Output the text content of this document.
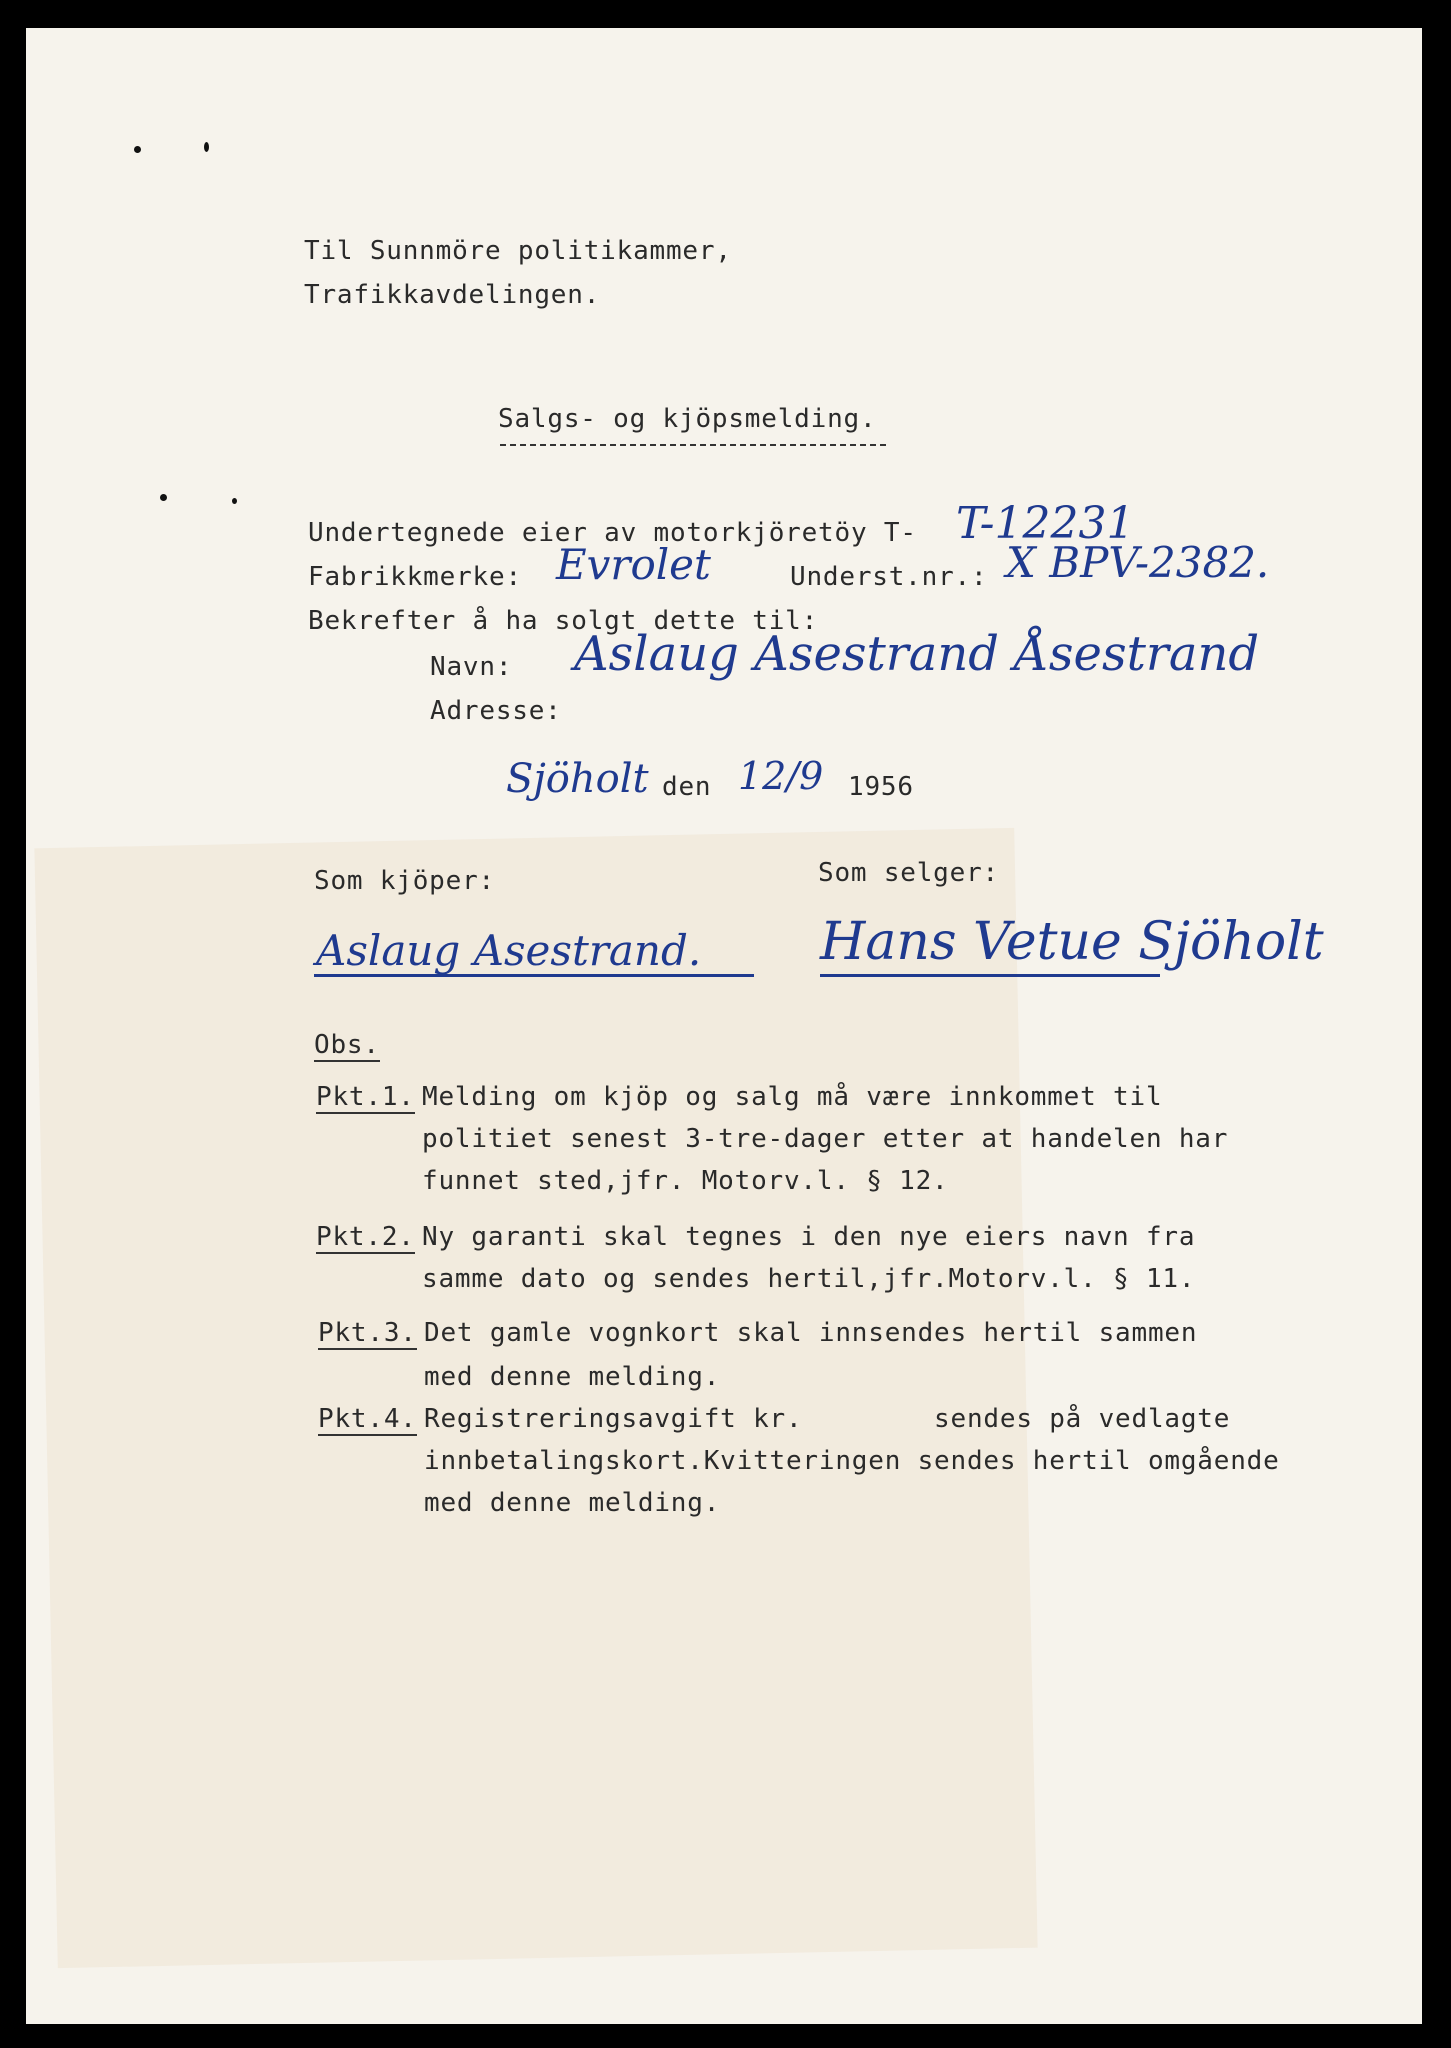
Til Sunnmöre politikammer,
Trafikkavdelingen.
Salgs- og kjöpsmelding.
Undertegnede eier av motorkjöretöy T- T-12231
Fabrikkmerke: Evrolet	Underst.nr.: X BPV-2382.
Bekrefter å ha solgt dette til:
Navn: Aslaug Asestrand Åsestrand
Adresse:
Sjöholt den 12/9 1956
Som kjöper:	Som selger:
Aslaug Asestrand. Hans Vetue Sjöholt
Obs.
Pkt.1. Melding om kjöp og salg må være innkommet til
politiet senest 3-tre-dager etter at handelen har
funnet sted,jfr. Motorv.l. § 12.
Pkt.2. Ny garanti skal tegnes i den nye eiers navn fra
samme dato og sendes hertil,jfr.Motorv.l. § 11.
Pkt.3. Det gamle vognkort skal innsendes hertil sammen
med denne melding.
Pkt.4. Registreringsavgift kr.        sendes på vedlagte
innbetalingskort.Kvitteringen sendes hertil omgående
med denne melding.
